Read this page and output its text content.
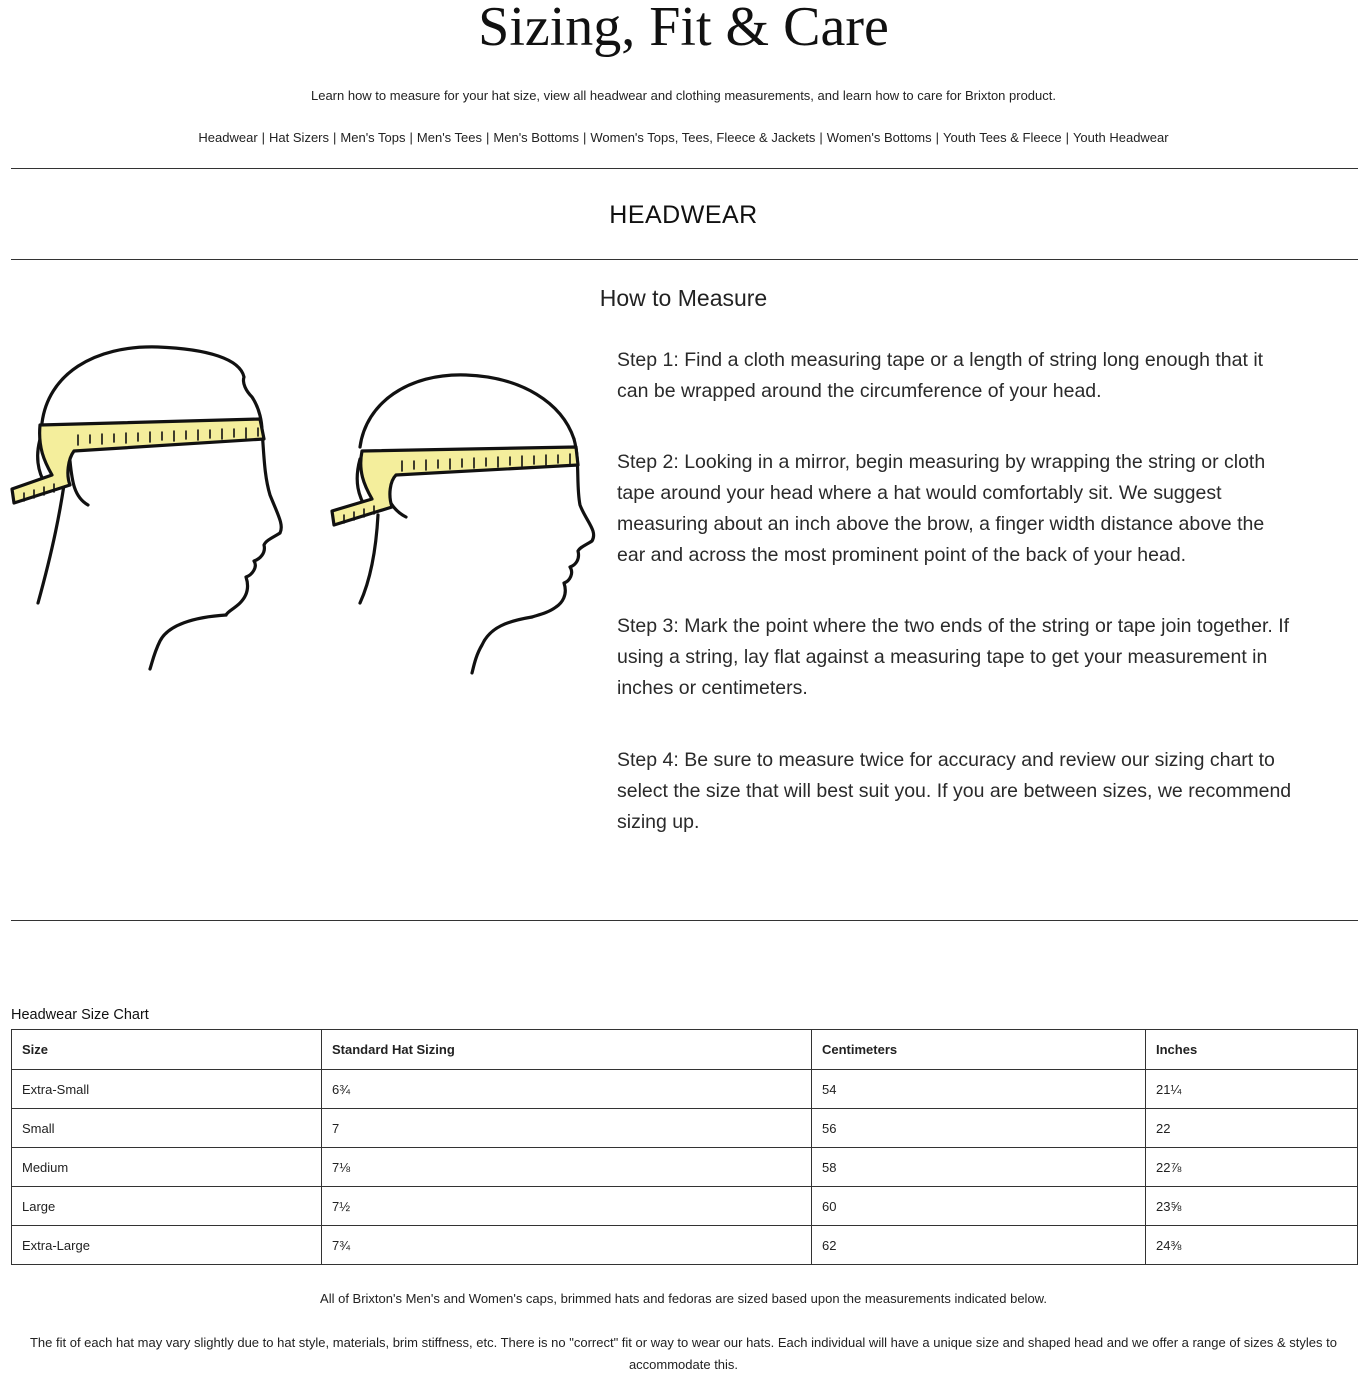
Sizing, Fit & Care
Learn how to measure for your hat size, view all headwear and clothing measurements, and learn how to care for Brixton product.
Headwear | Hat Sizers | Men's Tops | Men's Tees | Men's Bottoms | Women's Tops, Tees, Fleece & Jackets | Women's Bottoms | Youth Tees & Fleece | Youth Headwear
HEADWEAR
How to Measure

Step 1: Find a cloth measuring tape or a length of string long enough that it can be wrapped around the circumference of your head.

Step 2: Looking in a mirror, begin measuring by wrapping the string or cloth tape around your head where a hat would comfortably sit. We suggest measuring about an inch above the brow, a finger width distance above the ear and across the most prominent point of the back of your head.

Step 3: Mark the point where the two ends of the string or tape join together. If using a string, lay flat against a measuring tape to get your measurement in inches or centimeters.

Step 4: Be sure to measure twice for accuracy and review our sizing chart to select the size that will best suit you. If you are between sizes, we recommend sizing up.

Headwear Size Chart
Size	Standard Hat Sizing	Centimeters	Inches
Extra-Small	6¾	54	21¼
Small	7	56	22
Medium	7⅛	58	22⅞
Large	7½	60	23⅝
Extra-Large	7¾	62	24⅜
All of Brixton's Men's and Women's caps, brimmed hats and fedoras are sized based upon the measurements indicated below.
The fit of each hat may vary slightly due to hat style, materials, brim stiffness, etc. There is no "correct" fit or way to wear our hats. Each individual will have a unique size and shaped head and we offer a range of sizes & styles to accommodate this.
